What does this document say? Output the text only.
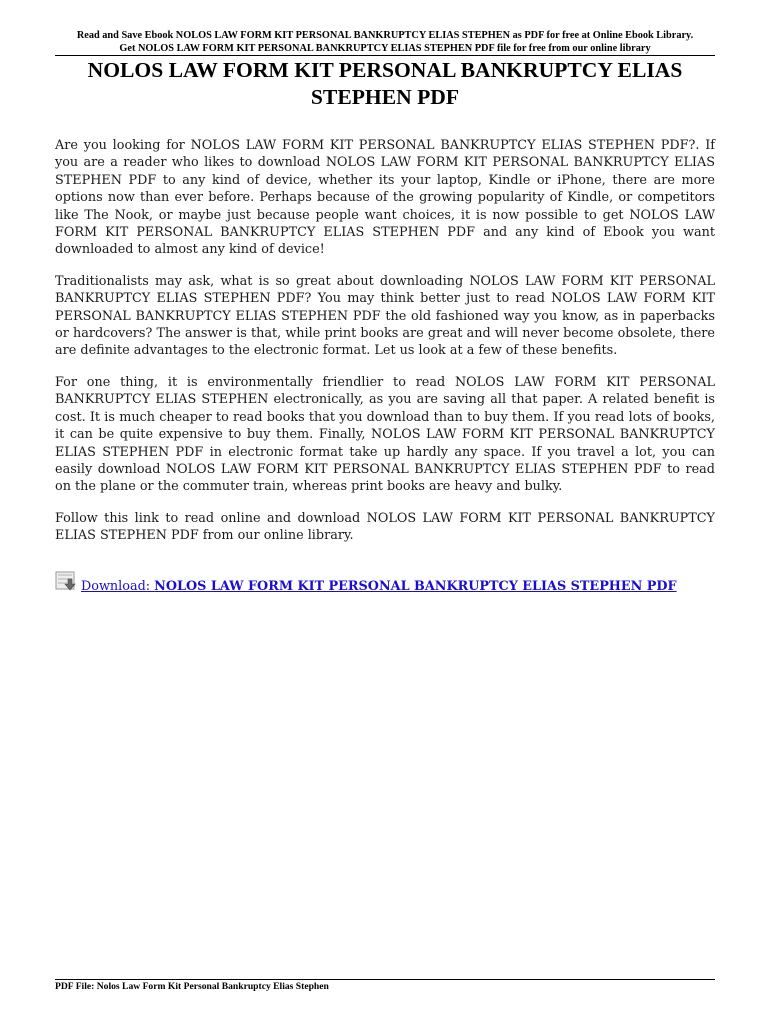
Read and Save Ebook NOLOS LAW FORM KIT PERSONAL BANKRUPTCY ELIAS STEPHEN as PDF for free at Online Ebook Library.
Get NOLOS LAW FORM KIT PERSONAL BANKRUPTCY ELIAS STEPHEN PDF file for free from our online library
NOLOS LAW FORM KIT PERSONAL BANKRUPTCY ELIAS
STEPHEN PDF

Are you looking for NOLOS LAW FORM KIT PERSONAL BANKRUPTCY ELIAS STEPHEN PDF?. If you are a reader who likes to download NOLOS LAW FORM KIT PERSONAL BANKRUPTCY ELIAS STEPHEN PDF to any kind of device, whether its your laptop, Kindle or iPhone, there are more options now than ever before. Perhaps because of the growing popularity of Kindle, or competitors like The Nook, or maybe just because people want choices, it is now possible to get NOLOS LAW FORM KIT PERSONAL BANKRUPTCY ELIAS STEPHEN PDF and any kind of Ebook you want downloaded to almost any kind of device!

Traditionalists may ask, what is so great about downloading NOLOS LAW FORM KIT PERSONAL BANKRUPTCY ELIAS STEPHEN PDF? You may think better just to read NOLOS LAW FORM KIT PERSONAL BANKRUPTCY ELIAS STEPHEN PDF the old fashioned way you know, as in paperbacks or hardcovers? The answer is that, while print books are great and will never become obsolete, there are definite advantages to the electronic format. Let us look at a few of these benefits.

For one thing, it is environmentally friendlier to read NOLOS LAW FORM KIT PERSONAL BANKRUPTCY ELIAS STEPHEN electronically, as you are saving all that paper. A related benefit is cost. It is much cheaper to read books that you download than to buy them. If you read lots of books, it can be quite expensive to buy them. Finally, NOLOS LAW FORM KIT PERSONAL BANKRUPTCY ELIAS STEPHEN PDF in electronic format take up hardly any space. If you travel a lot, you can easily download NOLOS LAW FORM KIT PERSONAL BANKRUPTCY ELIAS STEPHEN PDF to read on the plane or the commuter train, whereas print books are heavy and bulky.

Follow this link to read online and download NOLOS LAW FORM KIT PERSONAL BANKRUPTCY ELIAS STEPHEN PDF from our online library.

Download: NOLOS LAW FORM KIT PERSONAL BANKRUPTCY ELIAS STEPHEN PDF
PDF File: Nolos Law Form Kit Personal Bankruptcy Elias Stephen
